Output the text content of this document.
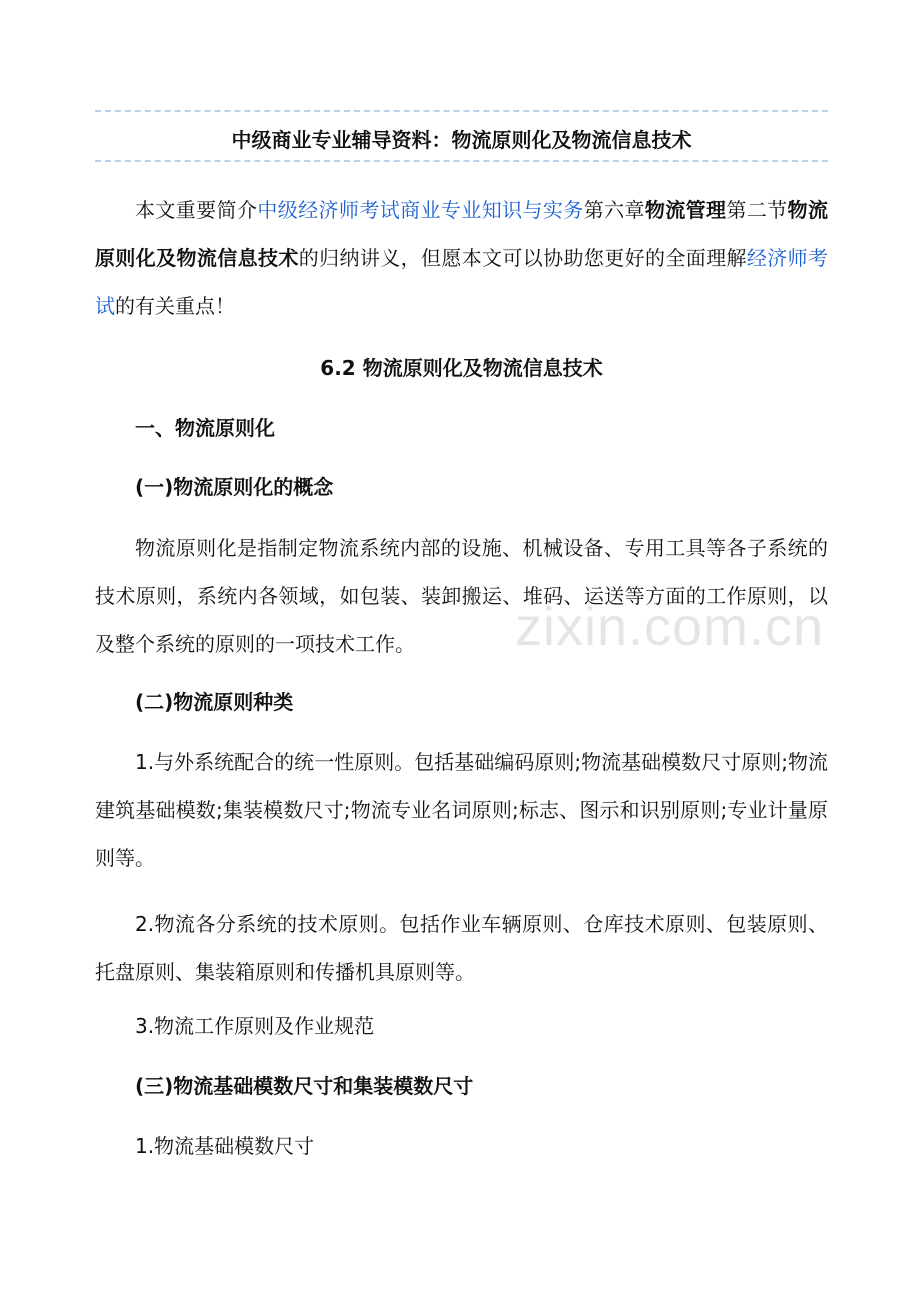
中级商业专业辅导资料：物流原则化及物流信息技术

本文重要简介中级经济师考试商业专业知识与实务第六章物流管理第二节物流原则化及物流信息技术的归纳讲义，但愿本文可以协助您更好的全面理解经济师考试的有关重点！

6.2 物流原则化及物流信息技术
一、物流原则化
(一)物流原则化的概念

物流原则化是指制定物流系统内部的设施、机械设备、专用工具等各子系统的技术原则，系统内各领域，如包装、装卸搬运、堆码、运送等方面的工作原则，以及整个系统的原则的一项技术工作。

(二)物流原则种类

1.与外系统配合的统一性原则。包括基础编码原则;物流基础模数尺寸原则;物流建筑基础模数;集装模数尺寸;物流专业名词原则;标志、图示和识别原则;专业计量原则等。

2.物流各分系统的技术原则。包括作业车辆原则、仓库技术原则、包装原则、托盘原则、集装箱原则和传播机具原则等。

3.物流工作原则及作业规范
(三)物流基础模数尺寸和集装模数尺寸
1.物流基础模数尺寸
zixin.com.cn
